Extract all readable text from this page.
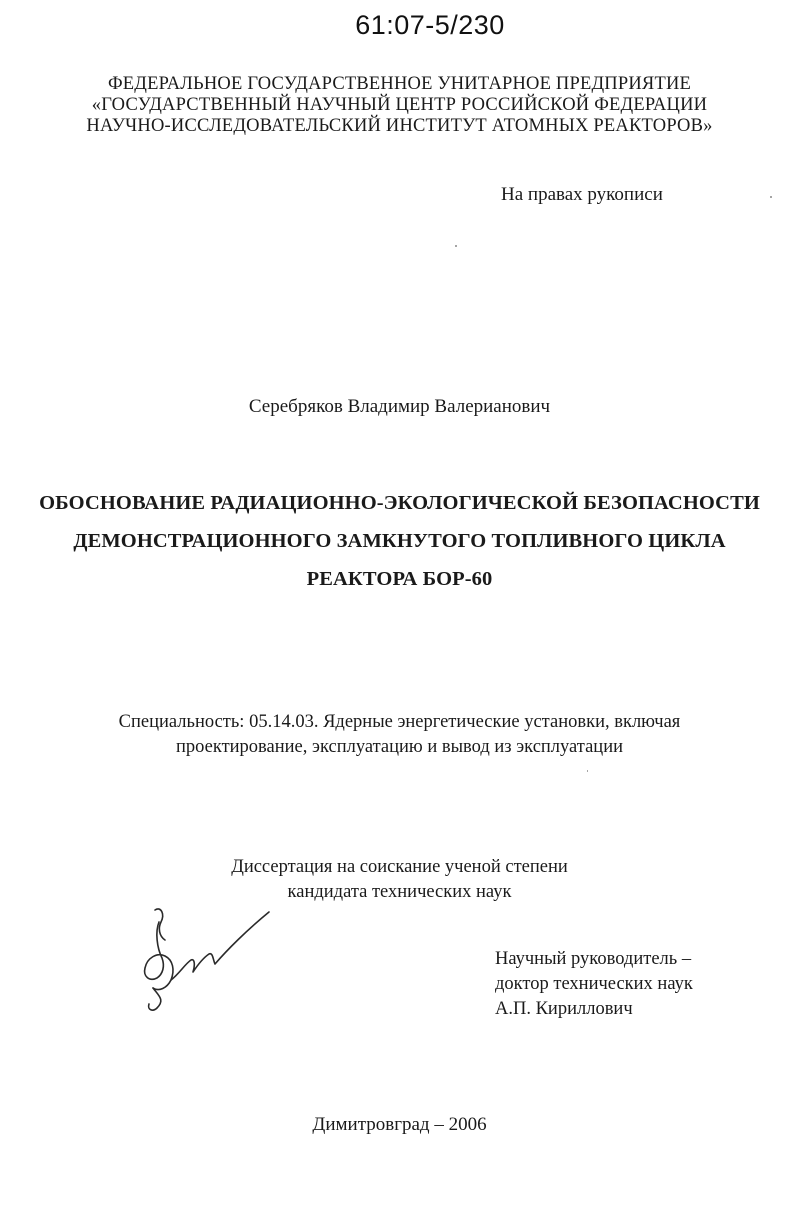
61:07-5/230
ФЕДЕРАЛЬНОЕ ГОСУДАРСТВЕННОЕ УНИТАРНОЕ ПРЕДПРИЯТИЕ
«ГОСУДАРСТВЕННЫЙ НАУЧНЫЙ ЦЕНТР РОССИЙСКОЙ ФЕДЕРАЦИИ
НАУЧНО-ИССЛЕДОВАТЕЛЬСКИЙ ИНСТИТУТ АТОМНЫХ РЕАКТОРОВ»
На правах рукописи
Серебряков Владимир Валерианович
ОБОСНОВАНИЕ РАДИАЦИОННО-ЭКОЛОГИЧЕСКОЙ БЕЗОПАСНОСТИ
ДЕМОНСТРАЦИОННОГО ЗАМКНУТОГО ТОПЛИВНОГО ЦИКЛА
РЕАКТОРА БОР-60
Специальность: 05.14.03. Ядерные энергетические установки, включая
проектирование, эксплуатацию и вывод из эксплуатации
Диссертация на соискание ученой степени
кандидата технических наук
Научный руководитель –
доктор технических наук
А.П. Кириллович
Димитровград – 2006
